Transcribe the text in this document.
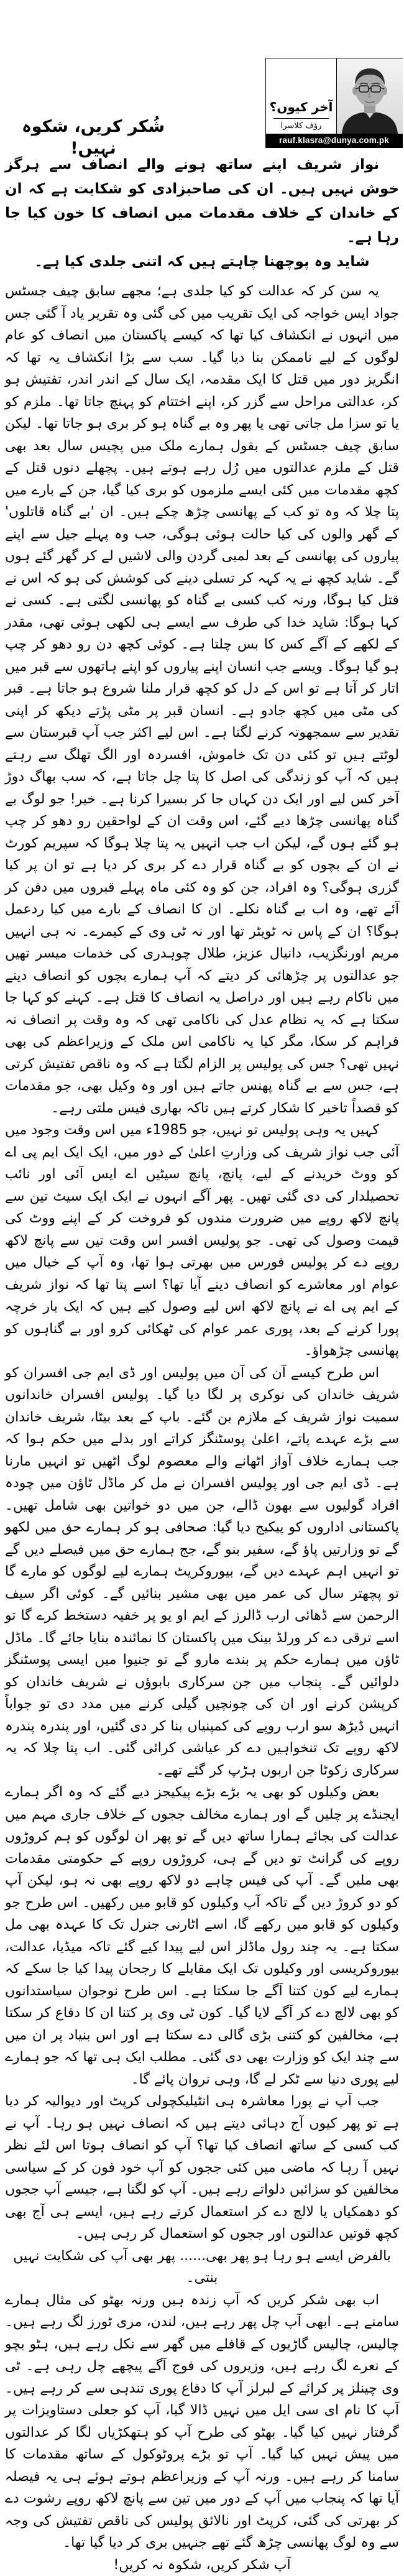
آخر کیوں؟
رؤف کلاسرا
rauf.klasra@dunya.com.pk
شُکر کریں، شکوہ نہیں!

نواز شریف اپنے ساتھ ہونے والے انصاف سے ہرگز خوش نہیں ہیں۔ ان کی صاحبزادی کو شکایت ہے کہ ان کے خاندان کے خلاف مقدمات میں انصاف کا خون کیا جا رہا ہے۔

شاید وہ پوچھنا چاہتے ہیں کہ اتنی جلدی کیا ہے۔

یہ سن کر کہ عدالت کو کیا جلدی ہے؛ مجھے سابق چیف جسٹس جواد ایس خواجہ کی ایک تقریب میں کی گئی وہ تقریر یاد آ گئی جس میں انہوں نے انکشاف کیا تھا کہ کیسے پاکستان میں انصاف کو عام لوگوں کے لیے ناممکن بنا دیا گیا۔ سب سے بڑا انکشاف یہ تھا کہ انگریز دور میں قتل کا ایک مقدمہ، ایک سال کے اندر اندر، تفتیش ہو کر، عدالتی مراحل سے گزر کر، اپنے اختتام کو پہنچ جاتا تھا۔ ملزم کو یا تو سزا مل جاتی تھی یا پھر وہ بے گناہ ہو کر بری ہو جاتا تھا۔ لیکن سابق چیف جسٹس کے بقول ہمارے ملک میں پچیس سال بعد بھی قتل کے ملزم عدالتوں میں رُل رہے ہوتے ہیں۔ پچھلے دنوں قتل کے کچھ مقدمات میں کئی ایسے ملزموں کو بری کیا گیا، جن کے بارے میں پتا چلا کہ وہ تو کب کے پھانسی چڑھ چکے ہیں۔ ان 'بے گناہ قاتلوں' کے گھر والوں کی کیا حالت ہوئی ہوگی، جب وہ پہلے جیل سے اپنے پیاروں کی پھانسی کے بعد لمبی گردن والی لاشیں لے کر گھر گئے ہوں گے۔ شاید کچھ نے یہ کہہ کر تسلی دینے کی کوشش کی ہو کہ اس نے قتل کیا ہوگا، ورنہ کب کسی بے گناہ کو پھانسی لگتی ہے۔ کسی نے کہا ہوگا: شاید خدا کی طرف سے ایسے ہی لکھی ہوئی تھی، مقدر کے لکھے کے آگے کس کا بس چلتا ہے۔ کوئی کچھ دن رو دھو کر چپ ہو گیا ہوگا۔ ویسے جب انسان اپنے پیاروں کو اپنے ہاتھوں سے قبر میں اتار کر آتا ہے تو اس کے دل کو کچھ قرار ملنا شروع ہو جاتا ہے۔ قبر کی مٹی میں کچھ جادو ہے۔ انسان قبر پر مٹی پڑتے دیکھ کر اپنی تقدیر سے سمجھوتہ کرنے لگتا ہے۔ اس لیے اکثر جب آپ قبرستان سے لوٹتے ہیں تو کئی دن تک خاموش، افسردہ اور الگ تھلگ سے رہتے ہیں کہ آپ کو زندگی کی اصل کا پتا چل جاتا ہے، کہ سب بھاگ دوڑ آخر کس لیے اور ایک دن کہاں جا کر بسیرا کرنا ہے۔ خیر! جو لوگ بے گناہ پھانسی چڑھا دیے گئے، اس وقت ان کے لواحقین رو دھو کر چپ ہو گئے ہوں گے، لیکن اب جب انہیں یہ پتا چلا ہوگا کہ سپریم کورٹ نے ان کے بچوں کو بے گناہ قرار دے کر بری کر دیا ہے تو ان پر کیا گزری ہوگی؟ وہ افراد، جن کو وہ کئی ماہ پہلے قبروں میں دفن کر آئے تھے، وہ اب بے گناہ نکلے۔ ان کا انصاف کے بارے میں کیا ردعمل ہوگا؟ ان کے پاس نہ ٹویٹر تھا اور نہ ٹی وی کے کیمرے۔ نہ ہی انہیں مریم اورنگزیب، دانیال عزیز، طلال چوہدری کی خدمات میسر تھیں جو عدالتوں پر چڑھائی کر دیتے کہ آپ ہمارے بچوں کو انصاف دینے میں ناکام رہے ہیں اور دراصل یہ انصاف کا قتل ہے۔ کہنے کو کہا جا سکتا ہے کہ یہ نظام عدل کی ناکامی تھی کہ وہ وقت پر انصاف نہ فراہم کر سکا، مگر کیا یہ ناکامی اس ملک کے وزیراعظم کی بھی نہیں تھی؟ جس کی پولیس پر الزام لگتا ہے کہ وہ ناقص تفتیش کرتی ہے، جس سے بے گناہ پھنس جاتے ہیں اور وہ وکیل بھی، جو مقدمات کو قصداً تاخیر کا شکار کرتے ہیں تاکہ بھاری فیس ملتی رہے۔

کہیں یہ وہی پولیس تو نہیں، جو 1985ء میں اس وقت وجود میں آئی جب نواز شریف کی وزارتِ اعلیٰ کے دور میں، ایک ایک ایم پی اے کو ووٹ خریدنے کے لیے، پانچ، پانچ سیٹیں اے ایس آئی اور نائب تحصیلدار کی دی گئی تھیں۔ پھر آگے انہوں نے ایک ایک سیٹ تین سے پانچ لاکھ روپے میں ضرورت مندوں کو فروخت کر کے اپنے ووٹ کی قیمت وصول کی تھی۔ جو پولیس افسر اس وقت تین سے پانچ لاکھ روپے دے کر پولیس فورس میں بھرتی ہوا تھا، وہ آپ کے خیال میں عوام اور معاشرے کو انصاف دینے آیا تھا؟ اسے پتا تھا کہ نواز شریف کے ایم پی اے نے پانچ لاکھ اس لیے وصول کیے ہیں کہ ایک بار خرچہ پورا کرنے کے بعد، پوری عمر عوام کی ٹھکائی کرو اور بے گناہوں کو پھانسی چڑھواؤ۔

اس طرح کیسے آن کی آن میں پولیس اور ڈی ایم جی افسران کو شریف خاندان کی نوکری پر لگا دیا گیا۔ پولیس افسران خاندانوں سمیت نواز شریف کے ملازم بن گئے۔ باپ کے بعد بیٹا، شریف خاندان سے بڑے عہدے پاتے، اعلیٰ پوسٹنگز کراتے اور بدلے میں حکم ہوا کہ جب ہمارے خلاف آواز اٹھانے والے معصوم لوگ اٹھیں تو انہیں مارنا ہے۔ ڈی ایم جی اور پولیس افسران نے مل کر ماڈل ٹاؤن میں چودہ افراد گولیوں سے بھون ڈالے، جن میں دو خواتین بھی شامل تھیں۔ پاکستانی اداروں کو پیکیج دیا گیا: صحافی ہو کر ہمارے حق میں لکھو گے تو وزارتیں پاؤ گے، سفیر بنو گے، جج ہمارے حق میں فیصلے دیں گے تو انہیں اہم عہدے دیں گے، بیوروکریٹ ہمارے لیے لوگوں کو مارے گا تو پچھتر سال کی عمر میں بھی مشیر بنائیں گے۔ کوئی اگر سیف الرحمن سے ڈھائی ارب ڈالرز کے ایم او یو پر خفیہ دستخط کرے گا تو اسے ترقی دے کر ورلڈ بینک میں پاکستان کا نمائندہ بنایا جائے گا۔ ماڈل ٹاؤن میں ہمارے حکم پر بندے مارو گے تو جنیوا میں ایسی پوسٹنگز دلوائیں گے۔ پنجاب میں جن سرکاری بابوؤں نے شریف خاندان کو کرپشن کرنے اور ان کی چونچیں گیلی کرنے میں مدد دی تو جواباً انہیں ڈیڑھ سو ارب روپے کی کمپنیاں بنا کر دی گئیں، اور پندرہ پندرہ لاکھ روپے تک تنخواہیں دے کر عیاشی کرائی گئی۔ اب پتا چلا کہ یہ سرکاری زکوٹا جن اربوں ہڑپ کر گئے تھے۔

بعض وکیلوں کو بھی یہ بڑے بڑے پیکیجز دیے گئے کہ وہ اگر ہمارے ایجنڈے پر چلیں گے اور ہمارے مخالف ججوں کے خلاف جاری مہم میں عدالت کی بجائے ہمارا ساتھ دیں گے تو پھر ان لوگوں کو ہم کروڑوں روپے کی گرانٹ تو دیں گے ہی، کروڑوں روپے کے حکومتی مقدمات بھی ملیں گے۔ آپ کی فیس چاہے دو لاکھ روپے بھی نہ ہو، لیکن آپ کو دو کروڑ دیں گے تاکہ آپ وکیلوں کو قابو میں رکھیں۔ اس طرح جو وکیلوں کو قابو میں رکھے گا، اسے اٹارنی جنرل تک کا عہدہ بھی مل سکتا ہے۔ یہ چند رول ماڈلز اس لیے پیدا کیے گئے تاکہ میڈیا، عدالت، بیوروکریسی اور وکیلوں تک ایک مقابلے کا رجحان پیدا کیا جا سکے کہ ہمارے لیے کون کتنا آگے جا سکتا ہے۔ اس طرح نوجوان سیاستدانوں کو بھی لالچ دے کر آگے لایا گیا۔ کون ٹی وی پر کتنا ان کا دفاع کر سکتا ہے، مخالفین کو کتنی بڑی گالی دے سکتا ہے اور اس بنیاد پر ان میں سے چند ایک کو وزارت بھی دی گئی۔ مطلب ایک ہی تھا کہ جو ہمارے لیے پوری دنیا سے ٹکر لے گا، وہی نروان پائے گا۔

جب آپ نے پورا معاشرہ ہی انٹیلیکچولی کرپٹ اور دیوالیہ کر دیا ہے تو پھر کیوں آج دہائی دیتے ہیں کہ انصاف نہیں ہو رہا۔ آپ نے کب کسی کے ساتھ انصاف کیا تھا؟ آپ کو انصاف ہوتا اس لئے نظر نہیں آ رہا کہ ماضی میں کئی ججوں کو آپ خود فون کر کے سیاسی مخالفین کو سزائیں دلواتے رہے ہیں۔ آپ کو لگتا ہے، جیسے آپ ججوں کو دھمکیاں یا لالچ دے کر استعمال کرتے رہے ہیں، ایسے ہی آج بھی کچھ قوتیں عدالتوں اور ججوں کو استعمال کر رہی ہیں۔

بالفرض ایسے ہو رہا ہو پھر بھی...... پھر بھی آپ کی شکایت نہیں بنتی۔

اب بھی شکر کریں کہ آپ زندہ ہیں ورنہ بھٹو کی مثال ہمارے سامنے ہے۔ ابھی آپ چل پھر رہے ہیں، لندن، مری ٹورز لگ رہے ہیں۔ چالیس، چالیس گاڑیوں کے قافلے میں گھر سے نکل رہے ہیں، ہٹو بچو کے نعرے لگ رہے ہیں، وزیروں کی فوج آگے پیچھے چل رہی ہے۔ ٹی وی چینلز پر کرائے کے لبرلز آپ کا دفاع پوری تندہی سے کر رہے ہیں۔ آپ کا نام ای سی ایل میں نہیں ڈالا گیا، آپ کو جعلی دستاویزات پر گرفتار نہیں کیا گیا۔ بھٹو کی طرح آپ کو ہتھکڑیاں لگا کر عدالتوں میں پیش نہیں کیا گیا۔ آپ تو بڑے پروٹوکول کے ساتھ مقدمات کا سامنا کر رہے ہیں۔ ورنہ آپ کے وزیراعظم ہوتے ہوئے ہی یہ فیصلہ آیا تھا کہ پنجاب میں آپ کے دور میں تین سے پانچ لاکھ روپے رشوت دے کر بھرتی کی گئی، کرپٹ اور نالائق پولیس کی ناقص تفتیش کی وجہ سے وہ لوگ پھانسی چڑھ گئے تھے جنہیں بری کر دیا گیا تھا۔

آپ شکر کریں، شکوہ نہ کریں!
